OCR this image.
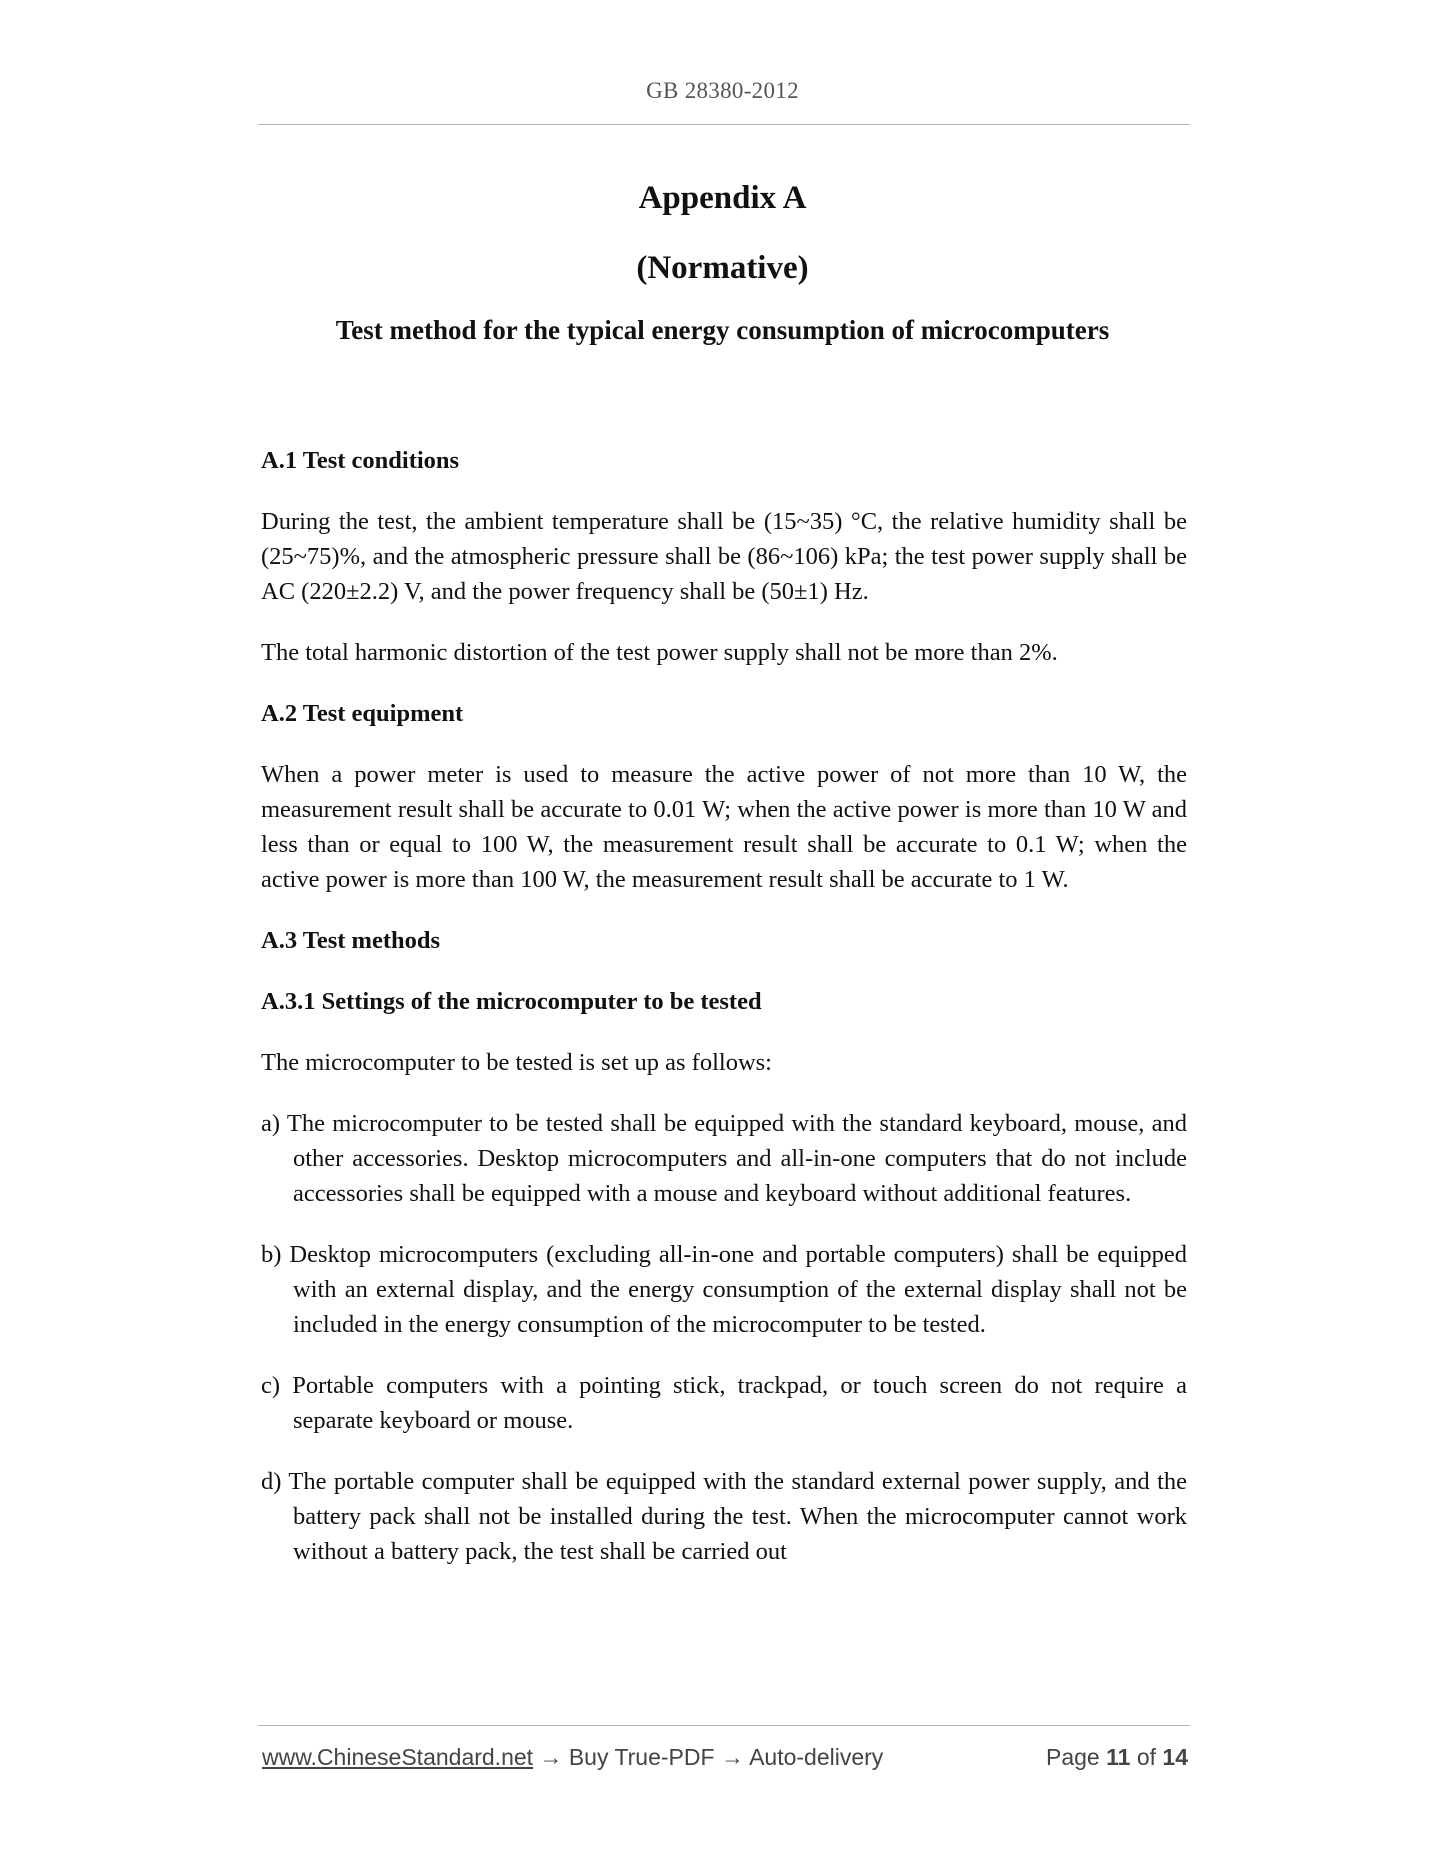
GB 28380-2012
Appendix A
(Normative)
Test method for the typical energy consumption of microcomputers

A.1 Test conditions

During the test, the ambient temperature shall be (15~35) °C, the relative humidity shall be (25~75)%, and the atmospheric pressure shall be (86~106) kPa; the test power supply shall be AC (220±2.2) V, and the power frequency shall be (50±1) Hz.

The total harmonic distortion of the test power supply shall not be more than 2%.

A.2 Test equipment

When a power meter is used to measure the active power of not more than 10 W, the measurement result shall be accurate to 0.01 W; when the active power is more than 10 W and less than or equal to 100 W, the measurement result shall be accurate to 0.1 W; when the active power is more than 100 W, the measurement result shall be accurate to 1 W.

A.3 Test methods

A.3.1 Settings of the microcomputer to be tested

The microcomputer to be tested is set up as follows:

a) The microcomputer to be tested shall be equipped with the standard keyboard, mouse, and other accessories. Desktop microcomputers and all-in-one computers that do not include accessories shall be equipped with a mouse and keyboard without additional features.

b) Desktop microcomputers (excluding all-in-one and portable computers) shall be equipped with an external display, and the energy consumption of the external display shall not be included in the energy consumption of the microcomputer to be tested.

c) Portable computers with a pointing stick, trackpad, or touch screen do not require a separate keyboard or mouse.

d) The portable computer shall be equipped with the standard external power supply, and the battery pack shall not be installed during the test. When the microcomputer cannot work without a battery pack, the test shall be carried out

www.ChineseStandard.net → Buy True-PDF → Auto-delivery	Page 11 of 14
